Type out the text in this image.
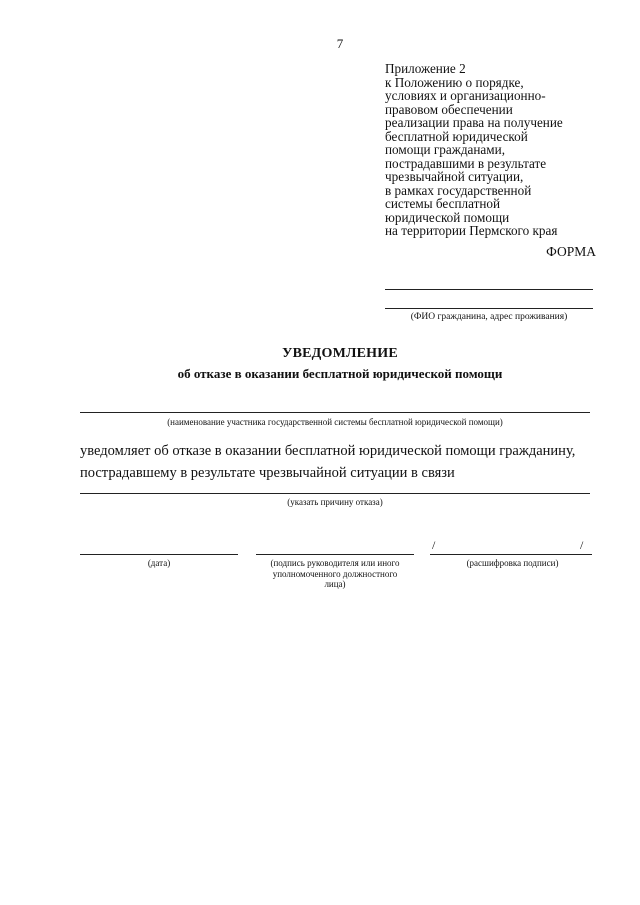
7
Приложение 2
к Положению о порядке,
условиях и организационно-
правовом обеспечении
реализации права на получение
бесплатной юридической
помощи гражданами,
пострадавшими в результате
чрезвычайной ситуации,
в рамках государственной
системы бесплатной
юридической помощи
на территории Пермского края
ФОРМА
(ФИО гражданина, адрес проживания)
УВЕДОМЛЕНИЕ
об отказе в оказании бесплатной юридической помощи
(наименование участника государственной системы бесплатной юридической помощи)
уведомляет об отказе в оказании бесплатной юридической помощи гражданину,
пострадавшему в результате чрезвычайной ситуации в связи
(указать причину отказа)
(дата)	(подпись руководителя или иного
уполномоченного должностного
лица)
/	/
(расшифровка подписи)
